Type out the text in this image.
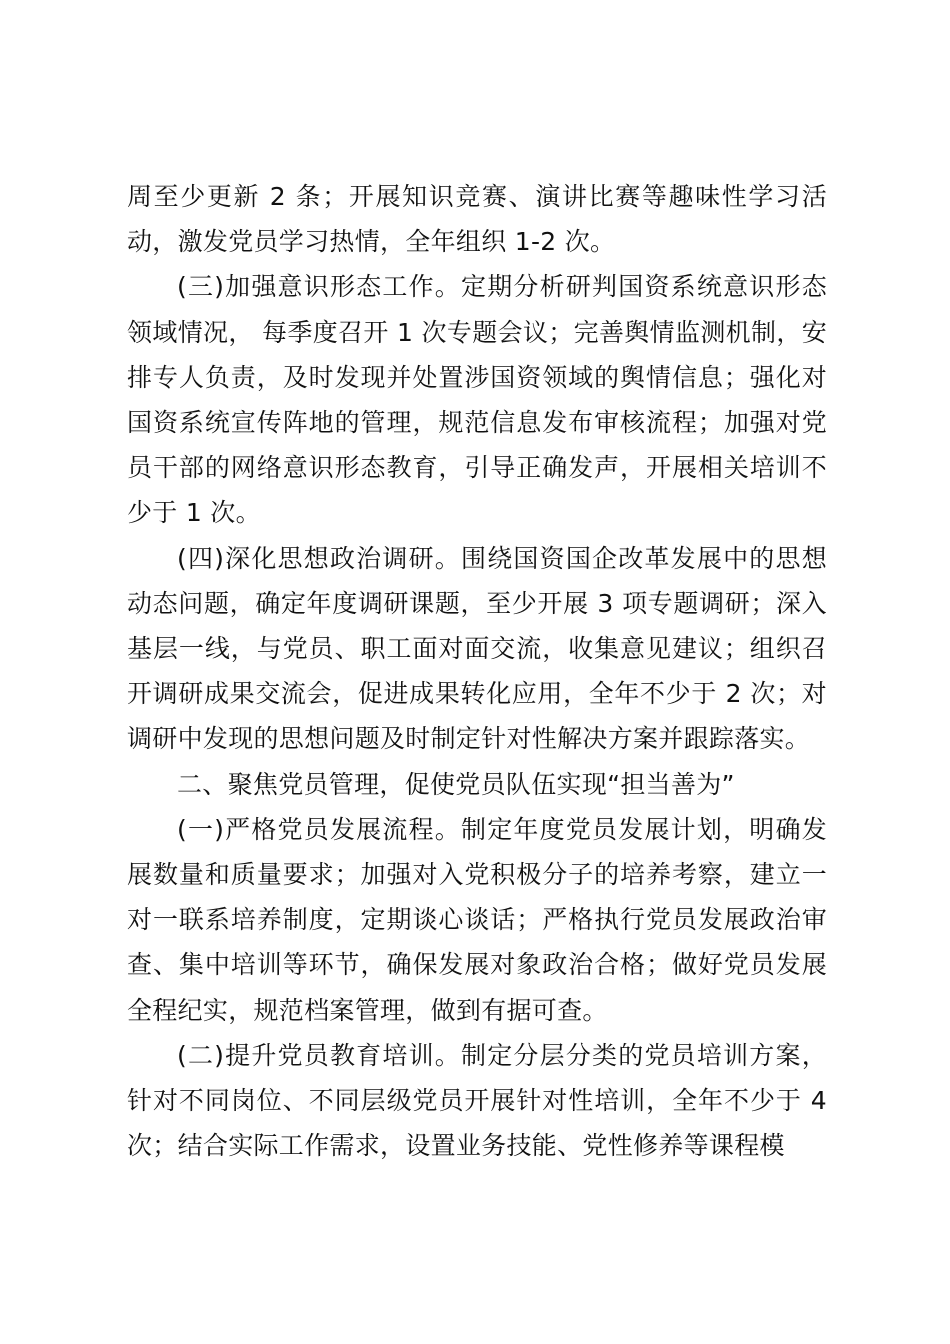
周至少更新 2 条；开展知识竞赛、演讲比赛等趣味性学习活动，激发党员学习热情，全年组织 1-2 次。

(三)加强意识形态工作。定期分析研判国资系统意识形态领域情况， 每季度召开 1 次专题会议；完善舆情监测机制，安排专人负责，及时发现并处置涉国资领域的舆情信息；强化对国资系统宣传阵地的管理，规范信息发布审核流程；加强对党员干部的网络意识形态教育，引导正确发声，开展相关培训不少于 1 次。

(四)深化思想政治调研。围绕国资国企改革发展中的思想动态问题，确定年度调研课题，至少开展 3 项专题调研；深入基层一线，与党员、职工面对面交流，收集意见建议；组织召开调研成果交流会，促进成果转化应用，全年不少于 2 次；对调研中发现的思想问题及时制定针对性解决方案并跟踪落实。

二、聚焦党员管理，促使党员队伍实现“担当善为”

(一)严格党员发展流程。制定年度党员发展计划，明确发展数量和质量要求；加强对入党积极分子的培养考察，建立一对一联系培养制度，定期谈心谈话；严格执行党员发展政治审查、集中培训等环节，确保发展对象政治合格；做好党员发展全程纪实，规范档案管理，做到有据可查。

(二)提升党员教育培训。制定分层分类的党员培训方案，针对不同岗位、不同层级党员开展针对性培训，全年不少于 4 次；结合实际工作需求，设置业务技能、党性修养等课程模
